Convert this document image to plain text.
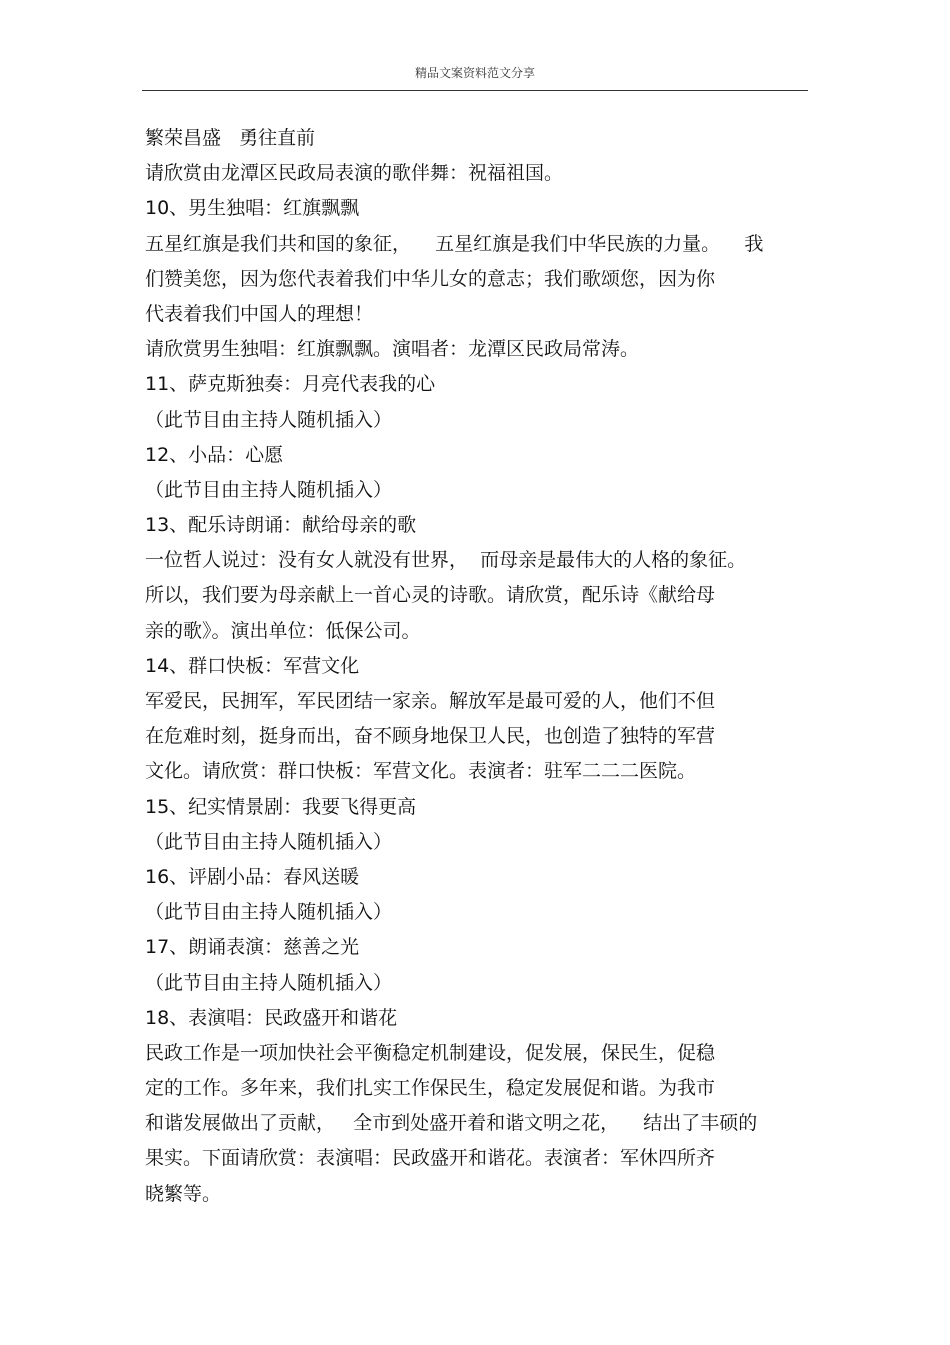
精品文案资料范文分享
繁荣昌盛   勇往直前
请欣赏由龙潭区民政局表演的歌伴舞：祝福祖国。
10、男生独唱：红旗飘飘
五星红旗是我们共和国的象征，    五星红旗是我们中华民族的力量。    我
们赞美您，因为您代表着我们中华儿女的意志；我们歌颂您，因为你
代表着我们中国人的理想！
请欣赏男生独唱：红旗飘飘。演唱者：龙潭区民政局常涛。
11、萨克斯独奏：月亮代表我的心
（此节目由主持人随机插入）
12、小品：心愿
（此节目由主持人随机插入）
13、配乐诗朗诵：献给母亲的歌
一位哲人说过：没有女人就没有世界，  而母亲是最伟大的人格的象征。
所以，我们要为母亲献上一首心灵的诗歌。请欣赏，配乐诗《献给母
亲的歌》。演出单位：低保公司。
14、群口快板：军营文化
军爱民，民拥军，军民团结一家亲。解放军是最可爱的人，他们不但
在危难时刻，挺身而出，奋不顾身地保卫人民，也创造了独特的军营
文化。请欣赏：群口快板：军营文化。表演者：驻军二二二医院。
15、纪实情景剧：我要飞得更高
（此节目由主持人随机插入）
16、评剧小品：春风送暖
（此节目由主持人随机插入）
17、朗诵表演：慈善之光
（此节目由主持人随机插入）
18、表演唱：民政盛开和谐花
民政工作是一项加快社会平衡稳定机制建设，促发展，保民生，促稳
定的工作。多年来，我们扎实工作保民生，稳定发展促和谐。为我市
和谐发展做出了贡献，   全市到处盛开着和谐文明之花，    结出了丰硕的
果实。下面请欣赏：表演唱：民政盛开和谐花。表演者：军休四所齐
晓繁等。
